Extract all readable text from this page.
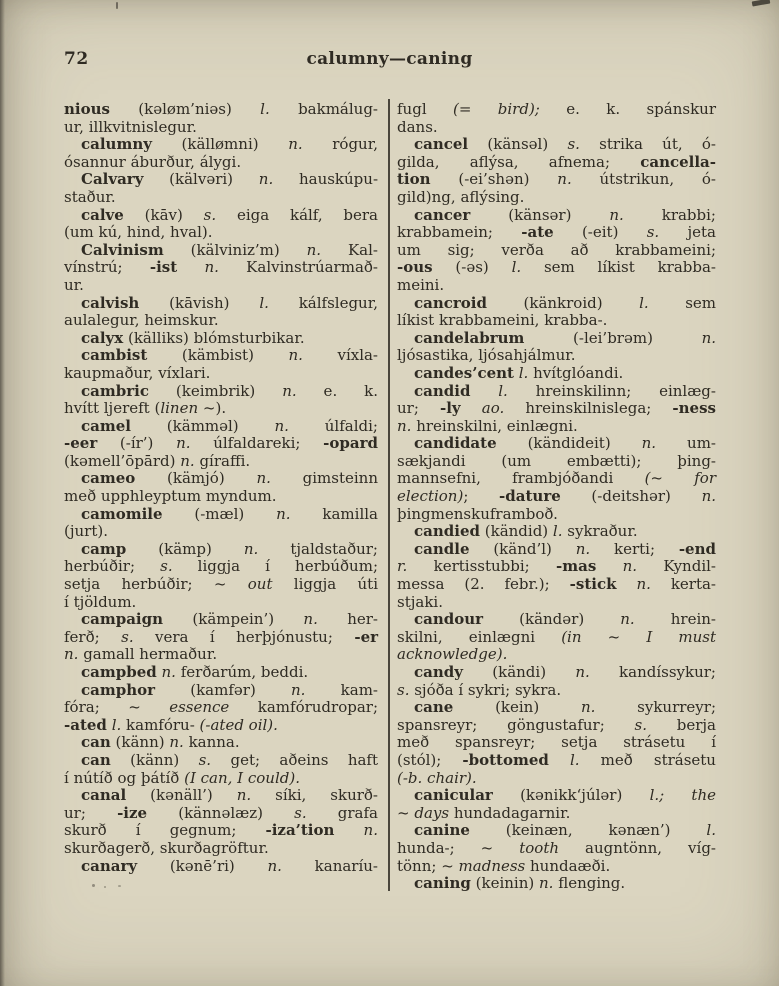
72	calumny—caning
nious (kəløm’niəs) l. bakmálug-
ur, illkvitnislegur.
calumny (källømni) n. rógur,
ósannur áburður, álygi.
Calvary (kälvəri) n. hauskúpu-
staður.
calve (kāv) s. eiga kálf, bera
(um kú, hind, hval).
Calvinism (kälviniz’m) n. Kal-
vínstrú; -ist n. Kalvinstrúarmað-
ur.
calvish (kāvish) l. kálfslegur,
aulalegur, heimskur.
calyx (källiks) blómsturbikar.
cambist (kämbist) n. víxla-
kaupmaður, víxlari.
cambric (keimbrik) n. e. k.
hvítt ljereft (linen ~).
camel (kämməl) n. úlfaldi;
-eer (-ír’) n. úlfaldareki; -opard
(kəmell’ōpārd) n. gíraffi.
cameo (kämjó) n. gimsteinn
með upphleyptum myndum.
camomile (-mæl) n. kamilla
(jurt).
camp (kämp) n. tjaldstaður;
herbúðir; s. liggja í herbúðum;
setja herbúðir; ~ out liggja úti
í tjöldum.
campaign (kämpein’) n. her-
ferð; s. vera í herþjónustu; -er
n. gamall hermaður.
campbed n. ferðarúm, beddi.
camphor (kamfər) n. kam-
fóra; ~ essence kamfórudropar;
-ated l. kamfóru- (-ated oil).
can (känn) n. kanna.
can (känn) s. get; aðeins haft
í nútíð og þátíð (I can, I could).
canal (kənäll’) n. síki, skurð-
ur; -ize (kännəlæz) s. grafa
skurð í gegnum; -iza’tion n.
skurðagerð, skurðagröftur.
canary (kənē’ri) n. kanaríu-
fugl (= bird); e. k. spánskur
dans.
cancel (känsəl) s. strika út, ó-
gilda, aflýsa, afnema; cancella-
tion (-ei’shən) n. útstrikun, ó-
gild)ng, aflýsing.
cancer (känsər) n. krabbi;
krabbamein; -ate (-eit) s. jeta
um sig; verða að krabbameini;
-ous (-əs) l. sem líkist krabba-
meini.
cancroid (känkroid) l. sem
líkist krabbameini, krabba-.
candelabrum (-lei’brəm) n.
ljósastika, ljósahjálmur.
candes’cent l. hvítglóandi.
candid l. hreinskilinn; einlæg-
ur; -ly ao. hreinskilnislega; -ness
n. hreinskilni, einlægni.
candidate (kändideit) n. um-
sækjandi (um embætti); þing-
mannsefni, frambjóðandi (~ for
election); -dature (-deitshər) n.
þingmenskuframboð.
candied (kändid) l. sykraður.
candle (känd’l) n. kerti; -end
r. kertisstubbi; -mas n. Kyndil-
messa (2. febr.); -stick n. kerta-
stjaki.
candour (kändər) n. hrein-
skilni, einlægni (in ~ I must
acknowledge).
candy (kändi) n. kandíssykur;
s. sjóða í sykri; sykra.
cane (kein) n. sykurreyr;
spansreyr; göngustafur; s. berja
með spansreyr; setja strásetu í
(stól); -bottomed l. með strásetu
(-b. chair).
canicular (kənikk‘júlər) l.; the
~ days hundadagarnir.
canine (keinæn, kənæn’) l.
hunda-; ~ tooth augntönn, víg-
tönn; ~ madness hundaæði.
caning (keinin) n. flenging.
